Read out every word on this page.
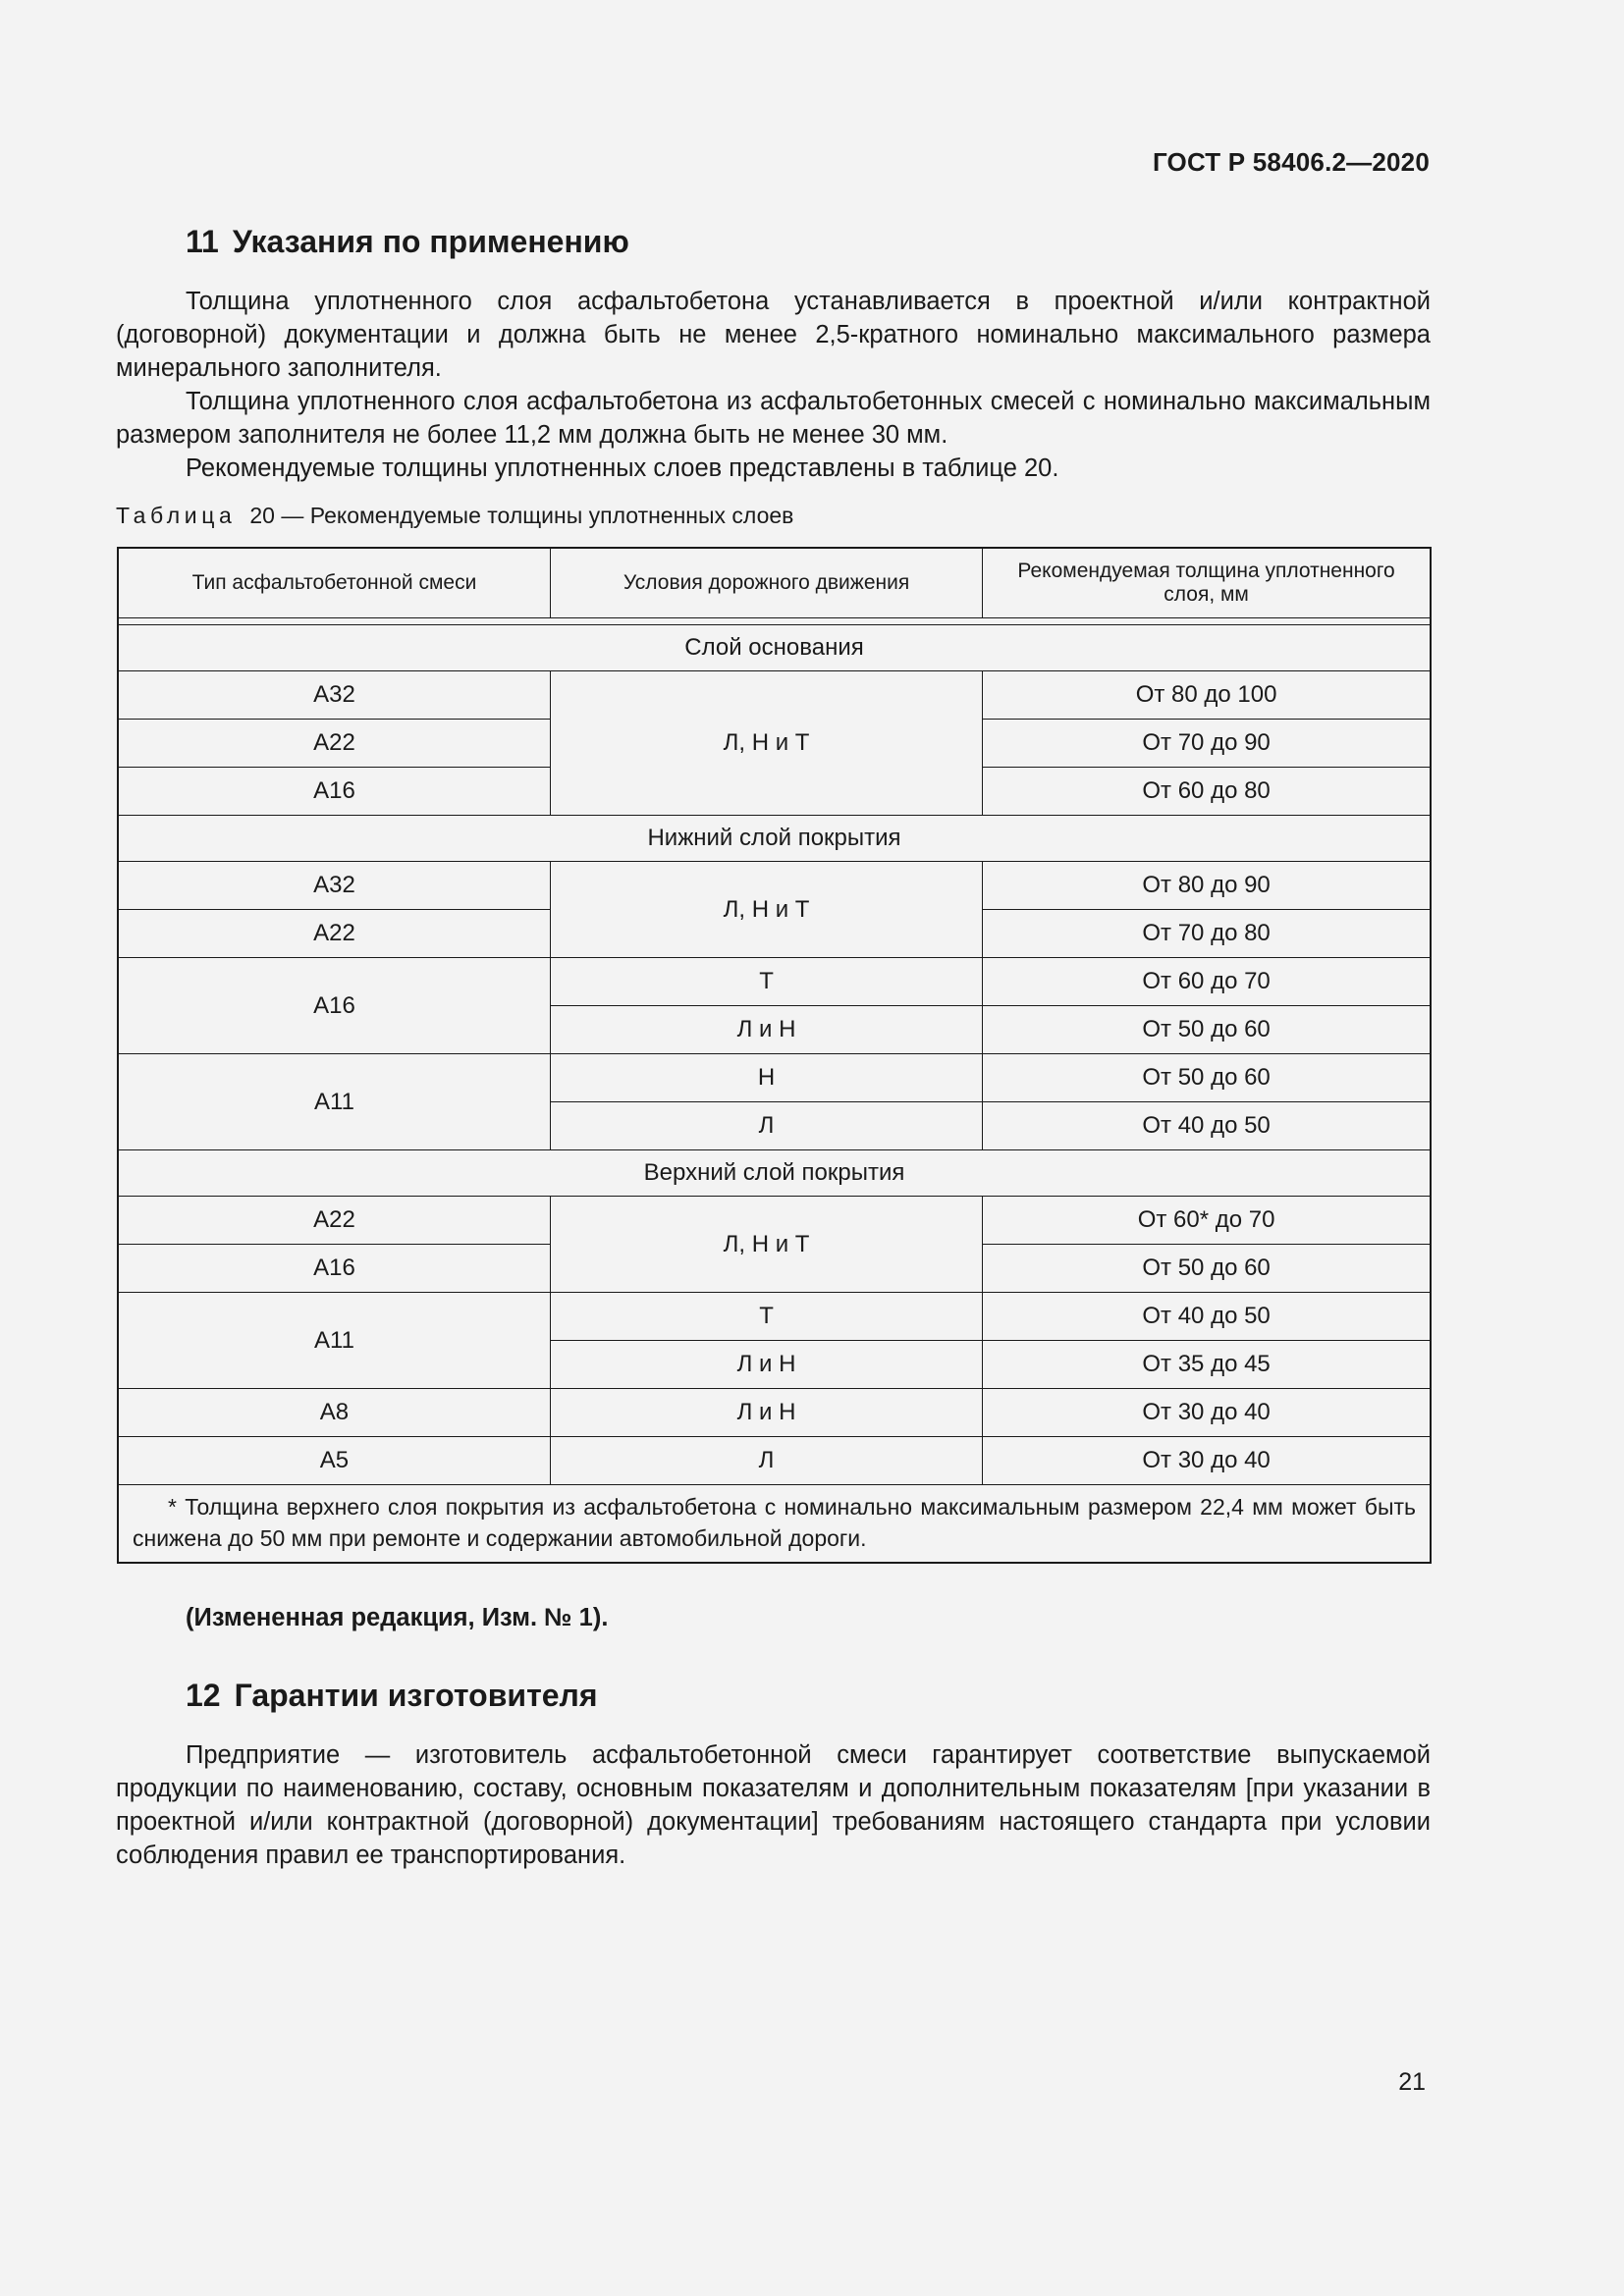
ГОСТ Р 58406.2—2020
11 Указания по применению

Толщина уплотненного слоя асфальтобетона устанавливается в проектной и/или контрактной (договорной) документации и должна быть не менее 2,5-кратного номинально максимального размера минерального заполнителя.

Толщина уплотненного слоя асфальтобетона из асфальтобетонных смесей с номинально максимальным размером заполнителя не более 11,2 мм должна быть не менее 30 мм.

Рекомендуемые толщины уплотненных слоев представлены в таблице 20.

Таблица 20 — Рекомендуемые толщины уплотненных слоев
Тип асфальтобетонной смеси	Условия дорожного движения	Рекомендуемая толщина уплотненного слоя, мм

Слой основания		
А32	Л, Н и Т	От 80 до 100
А22		От 70 до 90
А16		От 60 до 80
Нижний слой покрытия		
А32	Л, Н и Т	От 80 до 90
А22		От 70 до 80
А16	Т	От 60 до 70
	Л и Н	От 50 до 60
А11	Н	От 50 до 60
	Л	От 40 до 50
Верхний слой покрытия		
А22	Л, Н и Т	От 60* до 70
А16		От 50 до 60
А11	Т	От 40 до 50
	Л и Н	От 35 до 45
А8	Л и Н	От 30 до 40
А5	Л	От 30 до 40
* Толщина верхнего слоя покрытия из асфальтобетона с номинально максимальным размером 22,4 мм может быть снижена до 50 мм при ремонте и содержании автомобильной дороги.		
(Измененная редакция, Изм. № 1).
12 Гарантии изготовителя

Предприятие — изготовитель асфальтобетонной смеси гарантирует соответствие выпускаемой продукции по наименованию, составу, основным показателям и дополнительным показателям [при указании в проектной и/или контрактной (договорной) документации] требованиям настоящего стандарта при условии соблюдения правил ее транспортирования.

21
